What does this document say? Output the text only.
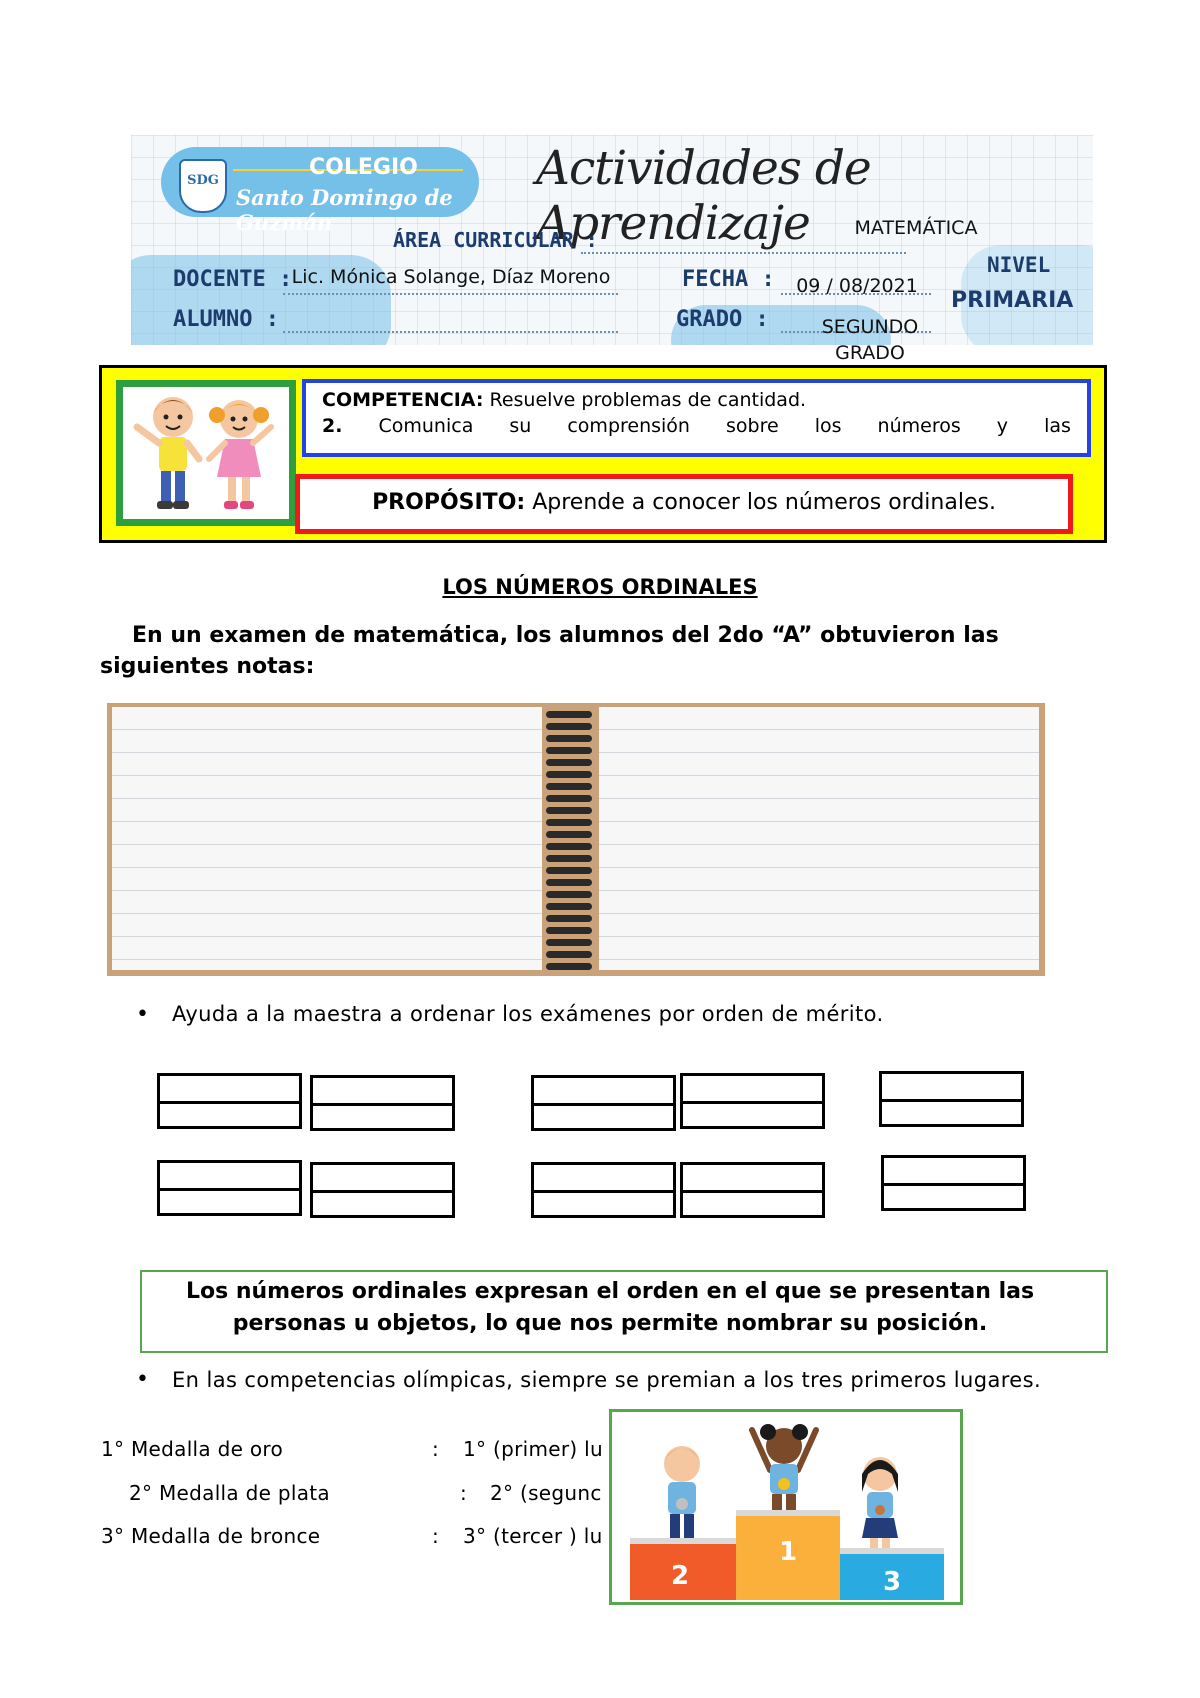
SDG
COLEGIO
Santo Domingo de Guzmán
Actividades de Aprendizaje
ÁREA CURRICULAR :	MATEMÁTICA
DOCENTE : Lic. Mónica Solange, Díaz Moreno
ALUMNO :
FECHA :
GRADO :
NIVEL
PRIMARIA
09 / 08/2021
SEGUNDO GRADO
COMPETENCIA: Resuelve problemas de cantidad.
2. Comunica su comprensión sobre los números y las
PROPÓSITO: Aprende a conocer los números ordinales.
LOS NÚMEROS ORDINALES
En un examen de matemática, los alumnos del 2do “A” obtuvieron las siguientes notas:
• Ayuda a la maestra a ordenar los exámenes por orden de mérito.
Los números ordinales expresan el orden en el que se presentan las
personas u objetos, lo que nos permite nombrar su posición.
• En las competencias olímpicas, siempre se premian a los tres primeros lugares.
1° Medalla de oro	: 1° (primer) lu
2° Medalla de plata	: 2° (segunc
3° Medalla de bronce	: 3° (tercer ) lu
2
1
3
